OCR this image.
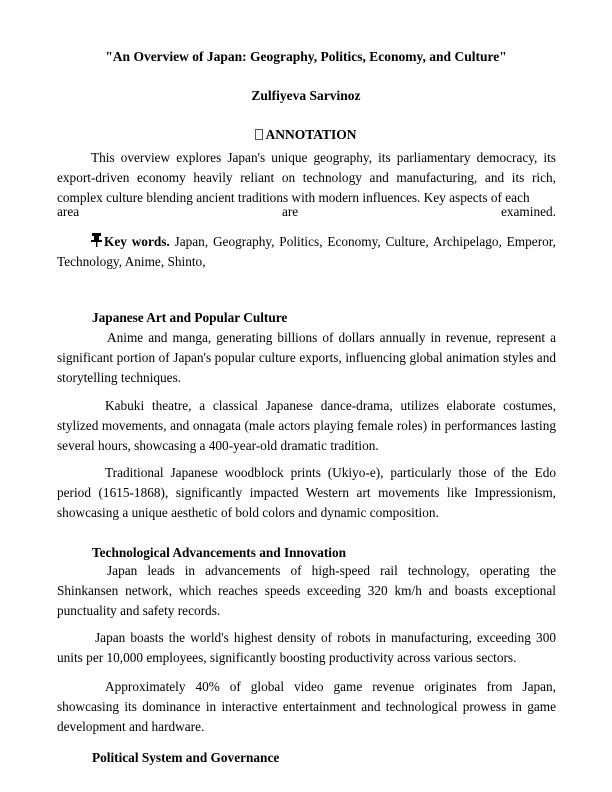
"An Overview of Japan: Geography, Politics, Economy, and Culture"
Zulfiyeva Sarvinoz
ANNOTATION

This overview explores Japan's unique geography, its parliamentary democracy, its export-driven economy heavily reliant on technology and manufacturing, and its rich, complex culture blending ancient traditions with modern influences. Key aspects of each

area	are	examined.

Key words. Japan, Geography, Politics, Economy, Culture, Archipelago, Emperor, Technology, Anime, Shinto,

Japanese Art and Popular Culture

Anime and manga, generating billions of dollars annually in revenue, represent a significant portion of Japan's popular culture exports, influencing global animation styles and storytelling techniques.

Kabuki theatre, a classical Japanese dance-drama, utilizes elaborate costumes, stylized movements, and onnagata (male actors playing female roles) in performances lasting several hours, showcasing a 400-year-old dramatic tradition.

Traditional Japanese woodblock prints (Ukiyo-e), particularly those of the Edo period (1615-1868), significantly impacted Western art movements like Impressionism, showcasing a unique aesthetic of bold colors and dynamic composition.

Technological Advancements and Innovation

Japan leads in advancements of high-speed rail technology, operating the Shinkansen network, which reaches speeds exceeding 320 km/h and boasts exceptional punctuality and safety records.

Japan boasts the world's highest density of robots in manufacturing, exceeding 300 units per 10,000 employees, significantly boosting productivity across various sectors.

Approximately 40% of global video game revenue originates from Japan, showcasing its dominance in interactive entertainment and technological prowess in game development and hardware.

Political System and Governance
